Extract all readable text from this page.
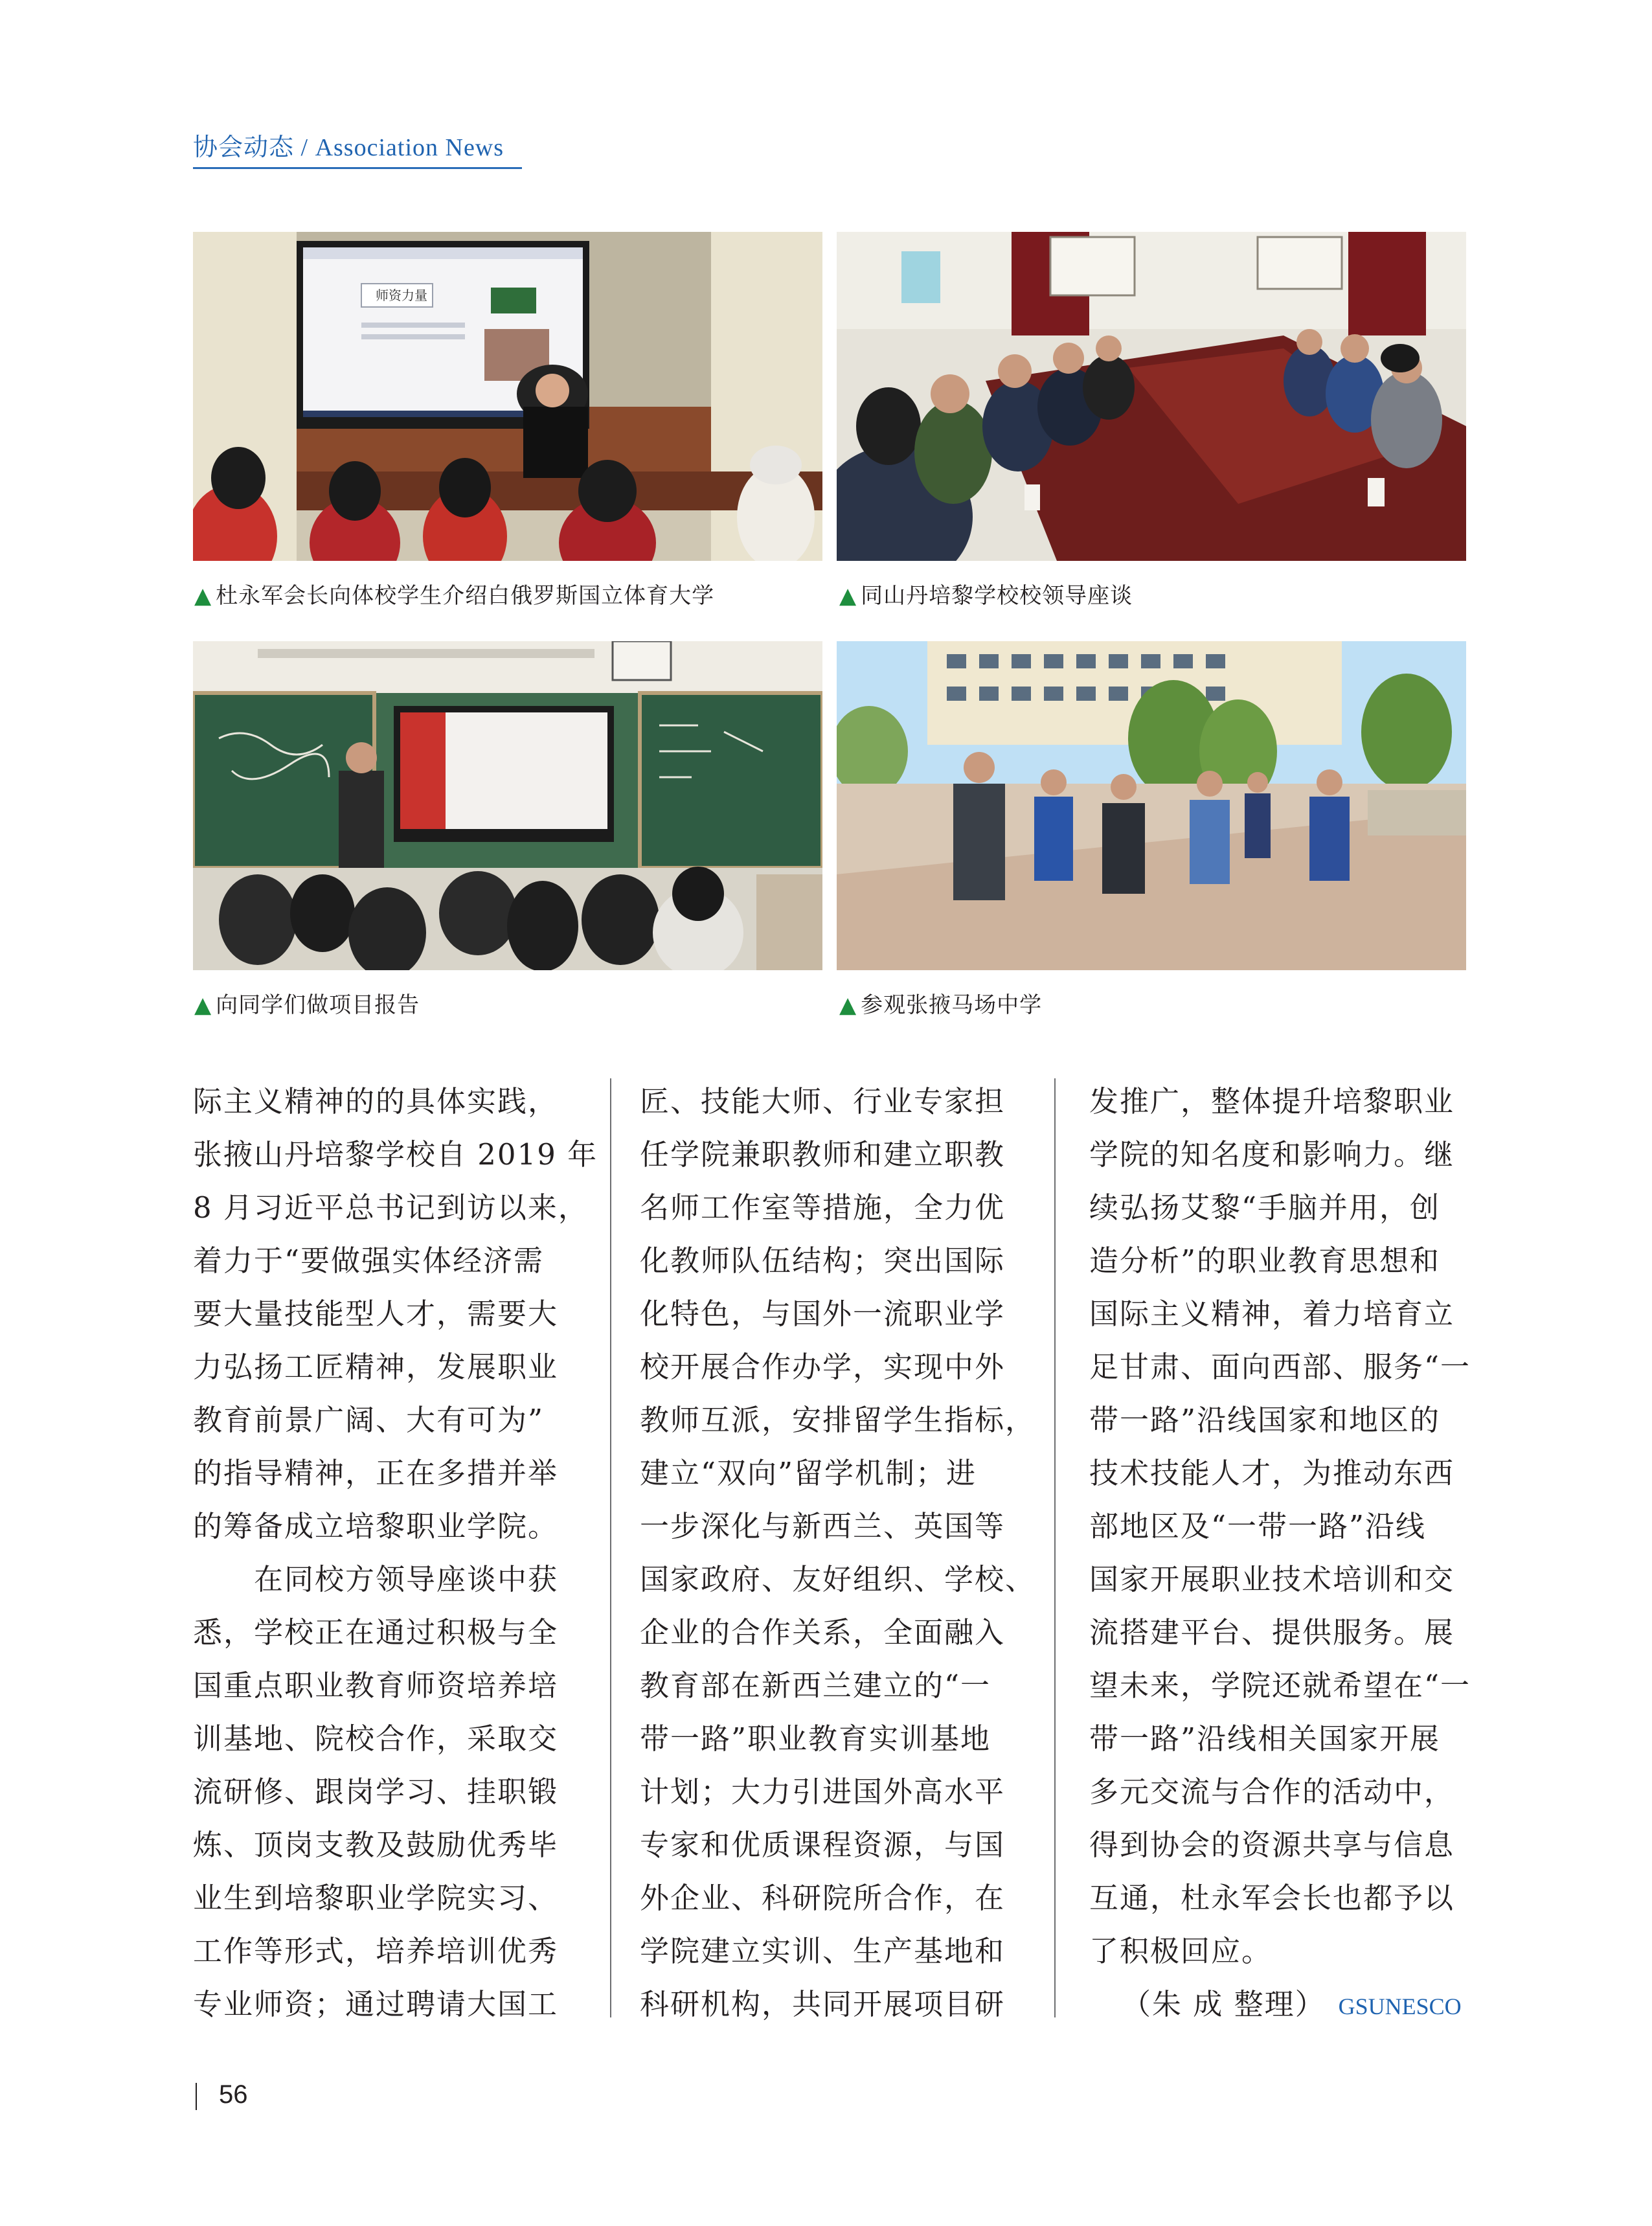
协会动态 / Association News
师资力量
▲ 杜永军会长向体校学生介绍白俄罗斯国立体育大学	▲ 同山丹培黎学校校领导座谈
▲ 向同学们做项目报告	▲ 参观张掖马场中学

际主义精神的的具体实践，

张掖山丹培黎学校自 2019 年

8 月习近平总书记到访以来，

着力于“要做强实体经济需

要大量技能型人才，需要大

力弘扬工匠精神，发展职业

教育前景广阔、大有可为”

的指导精神，正在多措并举

的筹备成立培黎职业学院。

　　在同校方领导座谈中获

悉，学校正在通过积极与全

国重点职业教育师资培养培

训基地、院校合作，采取交

流研修、跟岗学习、挂职锻

炼、顶岗支教及鼓励优秀毕

业生到培黎职业学院实习、

工作等形式，培养培训优秀

专业师资；通过聘请大国工

匠、技能大师、行业专家担

任学院兼职教师和建立职教

名师工作室等措施，全力优

化教师队伍结构；突出国际

化特色，与国外一流职业学

校开展合作办学，实现中外

教师互派，安排留学生指标，

建立“双向”留学机制；进

一步深化与新西兰、英国等

国家政府、友好组织、学校、

企业的合作关系，全面融入

教育部在新西兰建立的“一

带一路”职业教育实训基地

计划；大力引进国外高水平

专家和优质课程资源，与国

外企业、科研院所合作，在

学院建立实训、生产基地和

科研机构，共同开展项目研

发推广，整体提升培黎职业

学院的知名度和影响力。继

续弘扬艾黎“手脑并用，创

造分析”的职业教育思想和

国际主义精神，着力培育立

足甘肃、面向西部、服务“一

带一路”沿线国家和地区的

技术技能人才，为推动东西

部地区及“一带一路”沿线

国家开展职业技术培训和交

流搭建平台、提供服务。展

望未来，学院还就希望在“一

带一路”沿线相关国家开展

多元交流与合作的活动中，

得到协会的资源共享与信息

互通，杜永军会长也都予以

了积极回应。

（朱 成 整理） GSUNESCO

56
